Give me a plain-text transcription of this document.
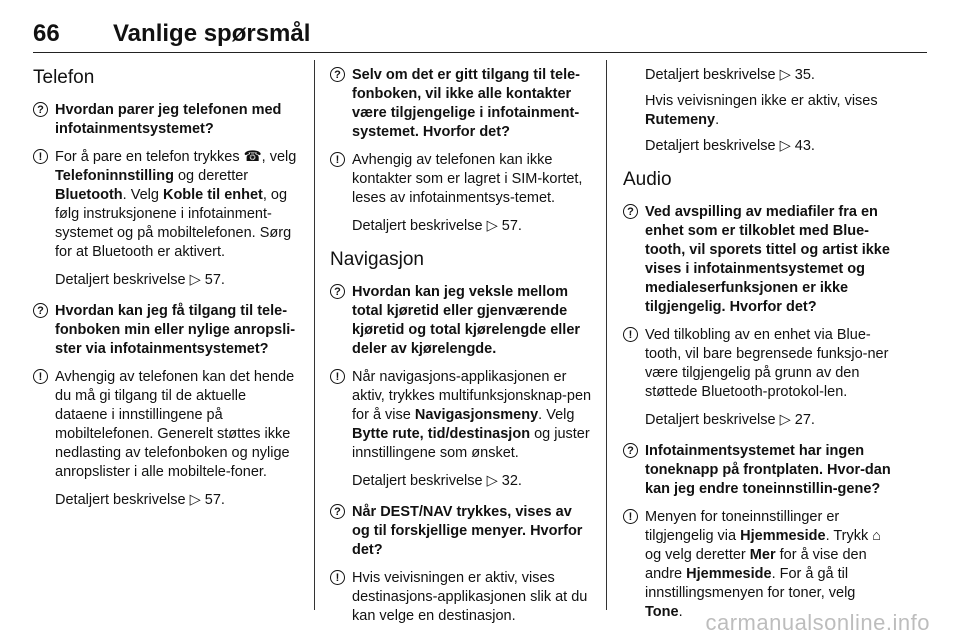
66 Vanlige spørsmål
Telefon
? Hvordan parer jeg telefonen med infotainmentsystemet?
! For å pare en telefon trykkes ☎, velg Telefoninnstilling og deretter Bluetooth. Velg Koble til enhet, og følg instruksjonene i infotainment-systemet og på mobiltelefonen. Sørg for at Bluetooth er aktivert.
Detaljert beskrivelse ▷ 57.
? Hvordan kan jeg få tilgang til tele-fonboken min eller nylige anropsli-ster via infotainmentsystemet?
! Avhengig av telefonen kan det hende du må gi tilgang til de aktuelle dataene i innstillingene på mobiltelefonen. Generelt støttes ikke nedlasting av telefonboken og nylige anropslister i alle mobiltele-foner.
Detaljert beskrivelse ▷ 57.
? Selv om det er gitt tilgang til tele-fonboken, vil ikke alle kontakter være tilgjengelige i infotainment-systemet. Hvorfor det?
! Avhengig av telefonen kan ikke kontakter som er lagret i SIM-kortet, leses av infotainmentsys-temet.
Detaljert beskrivelse ▷ 57.
Navigasjon
? Hvordan kan jeg veksle mellom total kjøretid eller gjenværende kjøretid og total kjørelengde eller deler av kjørelengde.
! Når navigasjons-applikasjonen er aktiv, trykkes multifunksjonsknap-pen for å vise Navigasjonsmeny. Velg Bytte rute, tid/destinasjon og juster innstillingene som ønsket.
Detaljert beskrivelse ▷ 32.
? Når DEST/NAV trykkes, vises av og til forskjellige menyer. Hvorfor det?
! Hvis veivisningen er aktiv, vises destinasjons-applikasjonen slik at du kan velge en destinasjon.
Detaljert beskrivelse ▷ 35.
Hvis veivisningen ikke er aktiv, vises Rutemeny.
Detaljert beskrivelse ▷ 43.
Audio
? Ved avspilling av mediafiler fra en enhet som er tilkoblet med Blue-tooth, vil sporets tittel og artist ikke vises i infotainmentsystemet og medialeserfunksjonen er ikke tilgjengelig. Hvorfor det?
! Ved tilkobling av en enhet via Blue-tooth, vil bare begrensede funksjo-ner være tilgjengelig på grunn av den støttede Bluetooth-protokol-len.
Detaljert beskrivelse ▷ 27.
? Infotainmentsystemet har ingen toneknapp på frontplaten. Hvor-dan kan jeg endre toneinnstillin-gene?
! Menyen for toneinnstillinger er tilgjengelig via Hjemmeside. Trykk ⌂ og velg deretter Mer for å vise den andre Hjemmeside. For å gå til innstillingsmenyen for toner, velg Tone.	carmanualsonline.info
